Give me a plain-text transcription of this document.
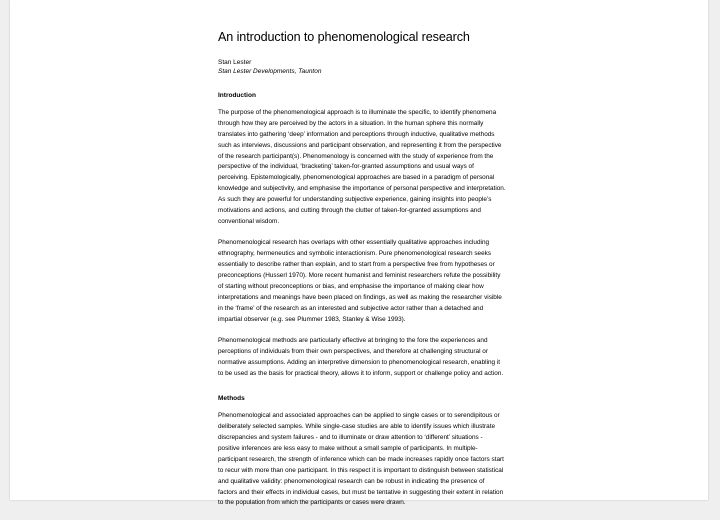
An introduction to phenomenological research
Stan Lester
Stan Lester Developments, Taunton
Introduction
The purpose of the phenomenological approach is to illuminate the specific, to identify phenomena
through how they are perceived by the actors in a situation. In the human sphere this normally
translates into gathering ‘deep’ information and perceptions through inductive, qualitative methods
such as interviews, discussions and participant observation, and representing it from the perspective
of the research participant(s). Phenomenology is concerned with the study of experience from the
perspective of the individual, ‘bracketing’ taken-for-granted assumptions and usual ways of
perceiving. Epistemologically, phenomenological approaches are based in a paradigm of personal
knowledge and subjectivity, and emphasise the importance of personal perspective and interpretation.
As such they are powerful for understanding subjective experience, gaining insights into people’s
motivations and actions, and cutting through the clutter of taken-for-granted assumptions and
conventional wisdom.
Phenomenological research has overlaps with other essentially qualitative approaches including
ethnography, hermeneutics and symbolic interactionism. Pure phenomenological research seeks
essentially to describe rather than explain, and to start from a perspective free from hypotheses or
preconceptions (Husserl 1970). More recent humanist and feminist researchers refute the possibility
of starting without preconceptions or bias, and emphasise the importance of making clear how
interpretations and meanings have been placed on findings, as well as making the researcher visible
in the ‘frame’ of the research as an interested and subjective actor rather than a detached and
impartial observer (e.g. see Plummer 1983, Stanley & Wise 1993).
Phenomenological methods are particularly effective at bringing to the fore the experiences and
perceptions of individuals from their own perspectives, and therefore at challenging structural or
normative assumptions. Adding an interpretive dimension to phenomenological research, enabling it
to be used as the basis for practical theory, allows it to inform, support or challenge policy and action.
Methods
Phenomenological and associated approaches can be applied to single cases or to serendipitous or
deliberately selected samples. While single-case studies are able to identify issues which illustrate
discrepancies and system failures - and to illuminate or draw attention to ‘different’ situations -
positive inferences are less easy to make without a small sample of participants. In multiple-
participant research, the strength of inference which can be made increases rapidly once factors start
to recur with more than one participant. In this respect it is important to distinguish between statistical
and qualitative validity: phenomenological research can be robust in indicating the presence of
factors and their effects in individual cases, but must be tentative in suggesting their extent in relation
to the population from which the participants or cases were drawn.
